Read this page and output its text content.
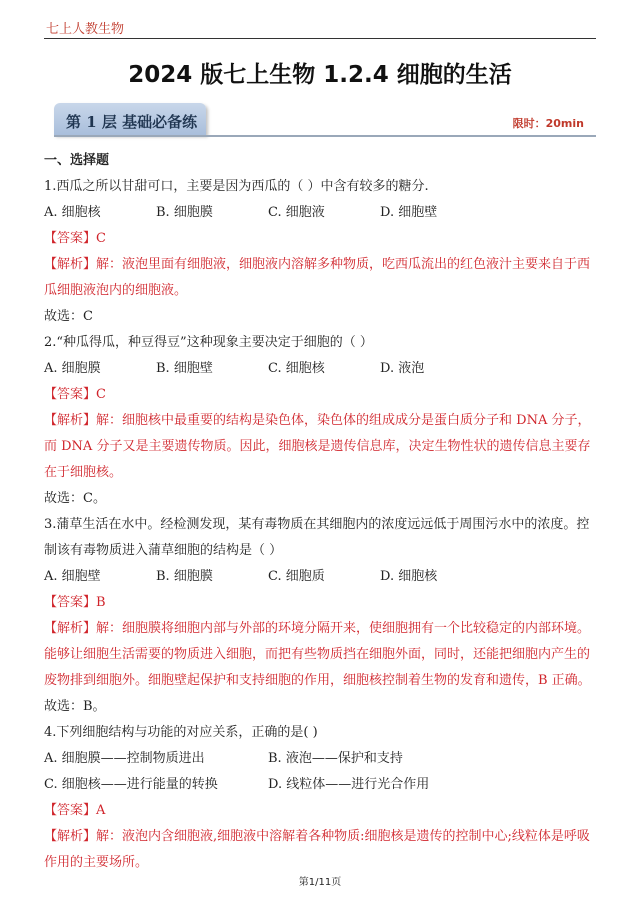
七上人教生物
2024 版七上生物 1.2.4 细胞的生活
第 1 层 基础必备练	限时：20min
一、选择题
1.西瓜之所以甘甜可口，主要是因为西瓜的（ ）中含有较多的糖分.
A. 细胞核	B. 细胞膜	C. 细胞液	D. 细胞壁
【答案】C
【解析】解：液泡里面有细胞液，细胞液内溶解多种物质，吃西瓜流出的红色液汁主要来自于西瓜细胞液泡内的细胞液。
故选：C
2.“种瓜得瓜，种豆得豆”这种现象主要决定于细胞的（ ）
A. 细胞膜	B. 细胞壁	C. 细胞核	D. 液泡
【答案】C
【解析】解：细胞核中最重要的结构是染色体，染色体的组成成分是蛋白质分子和 DNA 分子，而 DNA 分子又是主要遗传物质。因此，细胞核是遗传信息库，决定生物性状的遗传信息主要存在于细胞核。
故选：C。
3.蒲草生活在水中。经检测发现，某有毒物质在其细胞内的浓度远远低于周围污水中的浓度。控制该有毒物质进入蒲草细胞的结构是（ ）
A. 细胞壁	B. 细胞膜	C. 细胞质	D. 细胞核
【答案】B
【解析】解：细胞膜将细胞内部与外部的环境分隔开来，使细胞拥有一个比较稳定的内部环境。能够让细胞生活需要的物质进入细胞，而把有些物质挡在细胞外面，同时，还能把细胞内产生的废物排到细胞外。细胞壁起保护和支持细胞的作用，细胞核控制着生物的发育和遗传，B 正确。
故选：B。
4.下列细胞结构与功能的对应关系，正确的是( )
A. 细胞膜——控制物质进出	B. 液泡——保护和支持
C. 细胞核——进行能量的转换	D. 线粒体——进行光合作用
【答案】A
【解析】解：液泡内含细胞液,细胞液中溶解着各种物质:细胞核是遗传的控制中心;线粒体是呼吸作用的主要场所。
第1/11页
